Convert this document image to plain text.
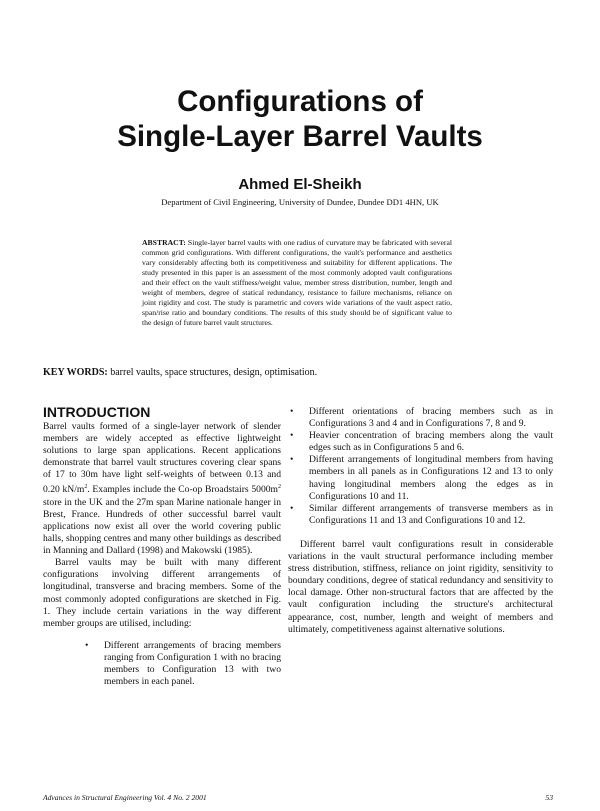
Configurations of
Single-Layer Barrel Vaults
Ahmed El-Sheikh
Department of Civil Engineering, University of Dundee, Dundee DD1 4HN, UK
ABSTRACT: Single-layer barrel vaults with one radius of curvature may be fabricated with several common grid configurations. With different configurations, the vault's performance and aesthetics vary considerably affecting both its competitiveness and suitability for different applications. The study presented in this paper is an assessment of the most commonly adopted vault configurations and their effect on the vault stiffness/weight value, member stress distribution, number, length and weight of members, degree of statical redundancy, resistance to failure mechanisms, reliance on joint rigidity and cost. The study is parametric and covers wide variations of the vault aspect ratio, span/rise ratio and boundary conditions. The results of this study should be of significant value to the design of future barrel vault structures.
KEY WORDS: barrel vaults, space structures, design, optimisation.
INTRODUCTION

Barrel vaults formed of a single-layer network of slender members are widely accepted as effective lightweight solutions to large span applications. Recent applications demonstrate that barrel vault structures covering clear spans of 17 to 30m have light self-weights of between 0.13 and 0.20 $kN/m^2$. Examples include the Co-op Broadstairs $5000m^2$ store in the UK and the 27m span Marine nationale hanger in Brest, France. Hundreds of other successful barrel vault applications now exist all over the world covering public halls, shopping centres and many other buildings as described in Manning and Dallard (1998) and Makowski (1985).

Barrel vaults may be built with many different configurations involving different arrangements of longitudinal, transverse and bracing members. Some of the most commonly adopted configurations are sketched in Fig. 1. They include certain variations in the way different member groups are utilised, including:

• Different arrangements of bracing members ranging from Configuration 1 with no bracing members to Configuration 13 with two members in each panel.
• Different orientations of bracing members such as in Configurations 3 and 4 and in Configurations 7, 8 and 9.
• Heavier concentration of bracing members along the vault edges such as in Configurations 5 and 6.
• Different arrangements of longitudinal members from having members in all panels as in Configurations 12 and 13 to only having longitudinal members along the edges as in Configurations 10 and 11.
• Similar different arrangements of transverse members as in Configurations 11 and 13 and Configurations 10 and 12.

Different barrel vault configurations result in considerable variations in the vault structural performance including member stress distribution, stiffness, reliance on joint rigidity, sensitivity to boundary conditions, degree of statical redundancy and sensitivity to local damage. Other non-structural factors that are affected by the vault configuration including the structure's architectural appearance, cost, number, length and weight of members and ultimately, competitiveness against alternative solutions.

Advances in Structural Engineering Vol. 4 No. 2 2001	53
